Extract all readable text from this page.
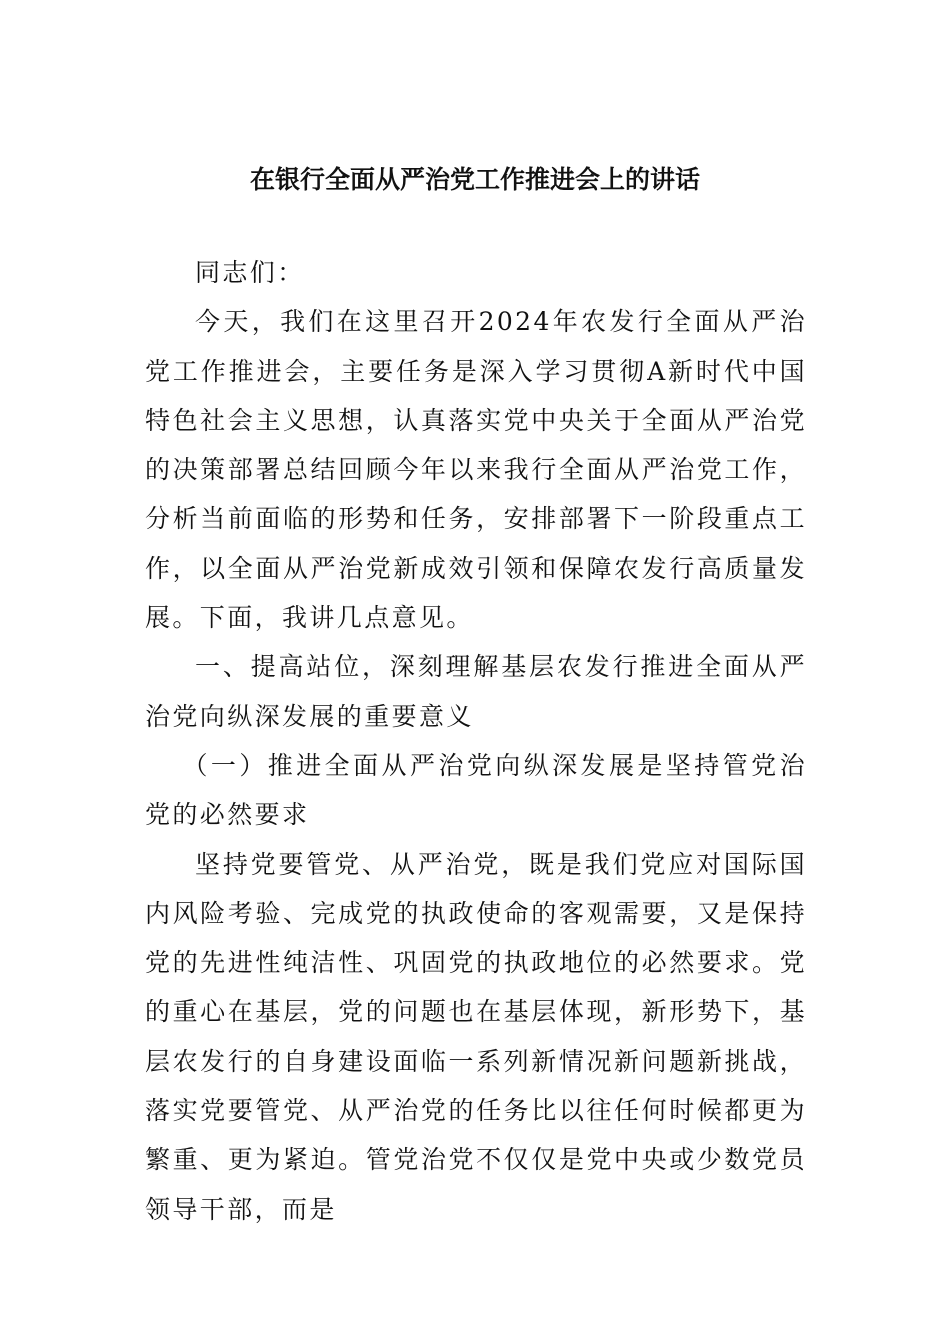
在银行全面从严治党工作推进会上的讲话

同志们：

今天，我们在这里召开2024年农发行全面从严治党工作推进会，主要任务是深入学习贯彻A新时代中国特色社会主义思想，认真落实党中央关于全面从严治党的决策部署总结回顾今年以来我行全面从严治党工作，分析当前面临的形势和任务，安排部署下一阶段重点工作，以全面从严治党新成效引领和保障农发行高质量发展。下面，我讲几点意见。

一、提高站位，深刻理解基层农发行推进全面从严治党向纵深发展的重要意义

（一）推进全面从严治党向纵深发展是坚持管党治党的必然要求

坚持党要管党、从严治党，既是我们党应对国际国内风险考验、完成党的执政使命的客观需要，又是保持党的先进性纯洁性、巩固党的执政地位的必然要求。党的重心在基层，党的问题也在基层体现，新形势下，基层农发行的自身建设面临一系列新情况新问题新挑战，落实党要管党、从严治党的任务比以往任何时候都更为繁重、更为紧迫。管党治党不仅仅是党中央或少数党员领导干部，而是
